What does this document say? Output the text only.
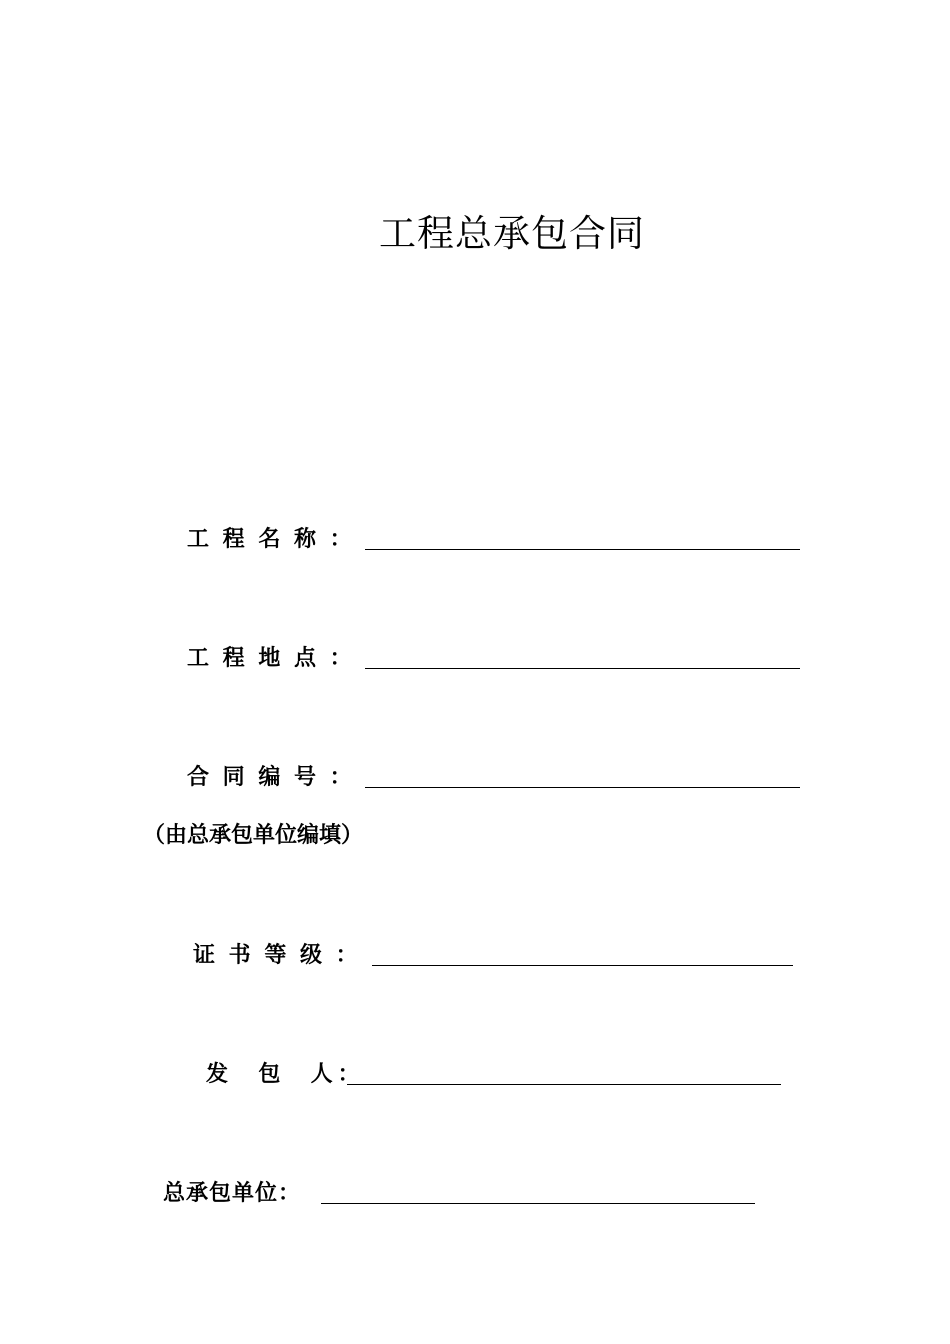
工程总承包合同
工 程 名 称 ：
工 程 地 点 ：
合 同 编 号 ：
（由总承包单位编填）
证 书 等 级 ：
发  包  人：
总承包单位：
